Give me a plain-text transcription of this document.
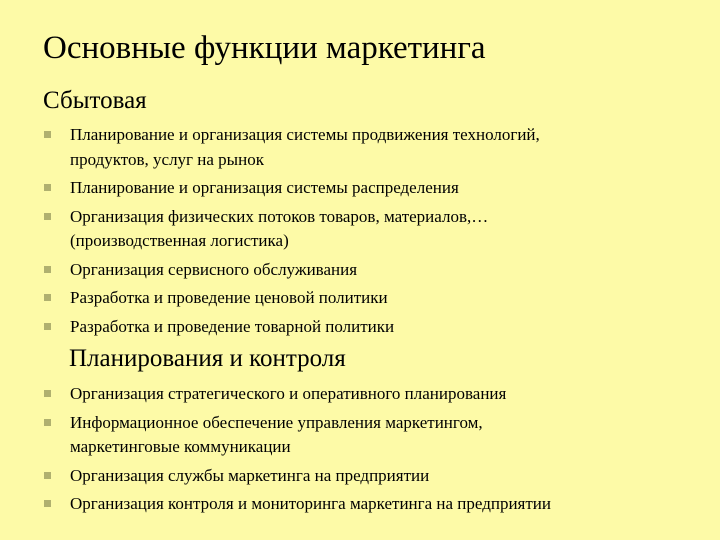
Основные функции маркетинга
Сбытовая
Планирование и организация системы продвижения технологий,
продуктов, услуг на рынок
Планирование и организация системы распределения
Организация физических потоков товаров, материалов,…
(производственная логистика)
Организация сервисного обслуживания
Разработка и проведение ценовой политики
Разработка и проведение товарной политики
Планирования и контроля
Организация стратегического и оперативного планирования
Информационное обеспечение управления маркетингом,
маркетинговые коммуникации
Организация службы маркетинга на предприятии
Организация контроля и мониторинга маркетинга на предприятии
